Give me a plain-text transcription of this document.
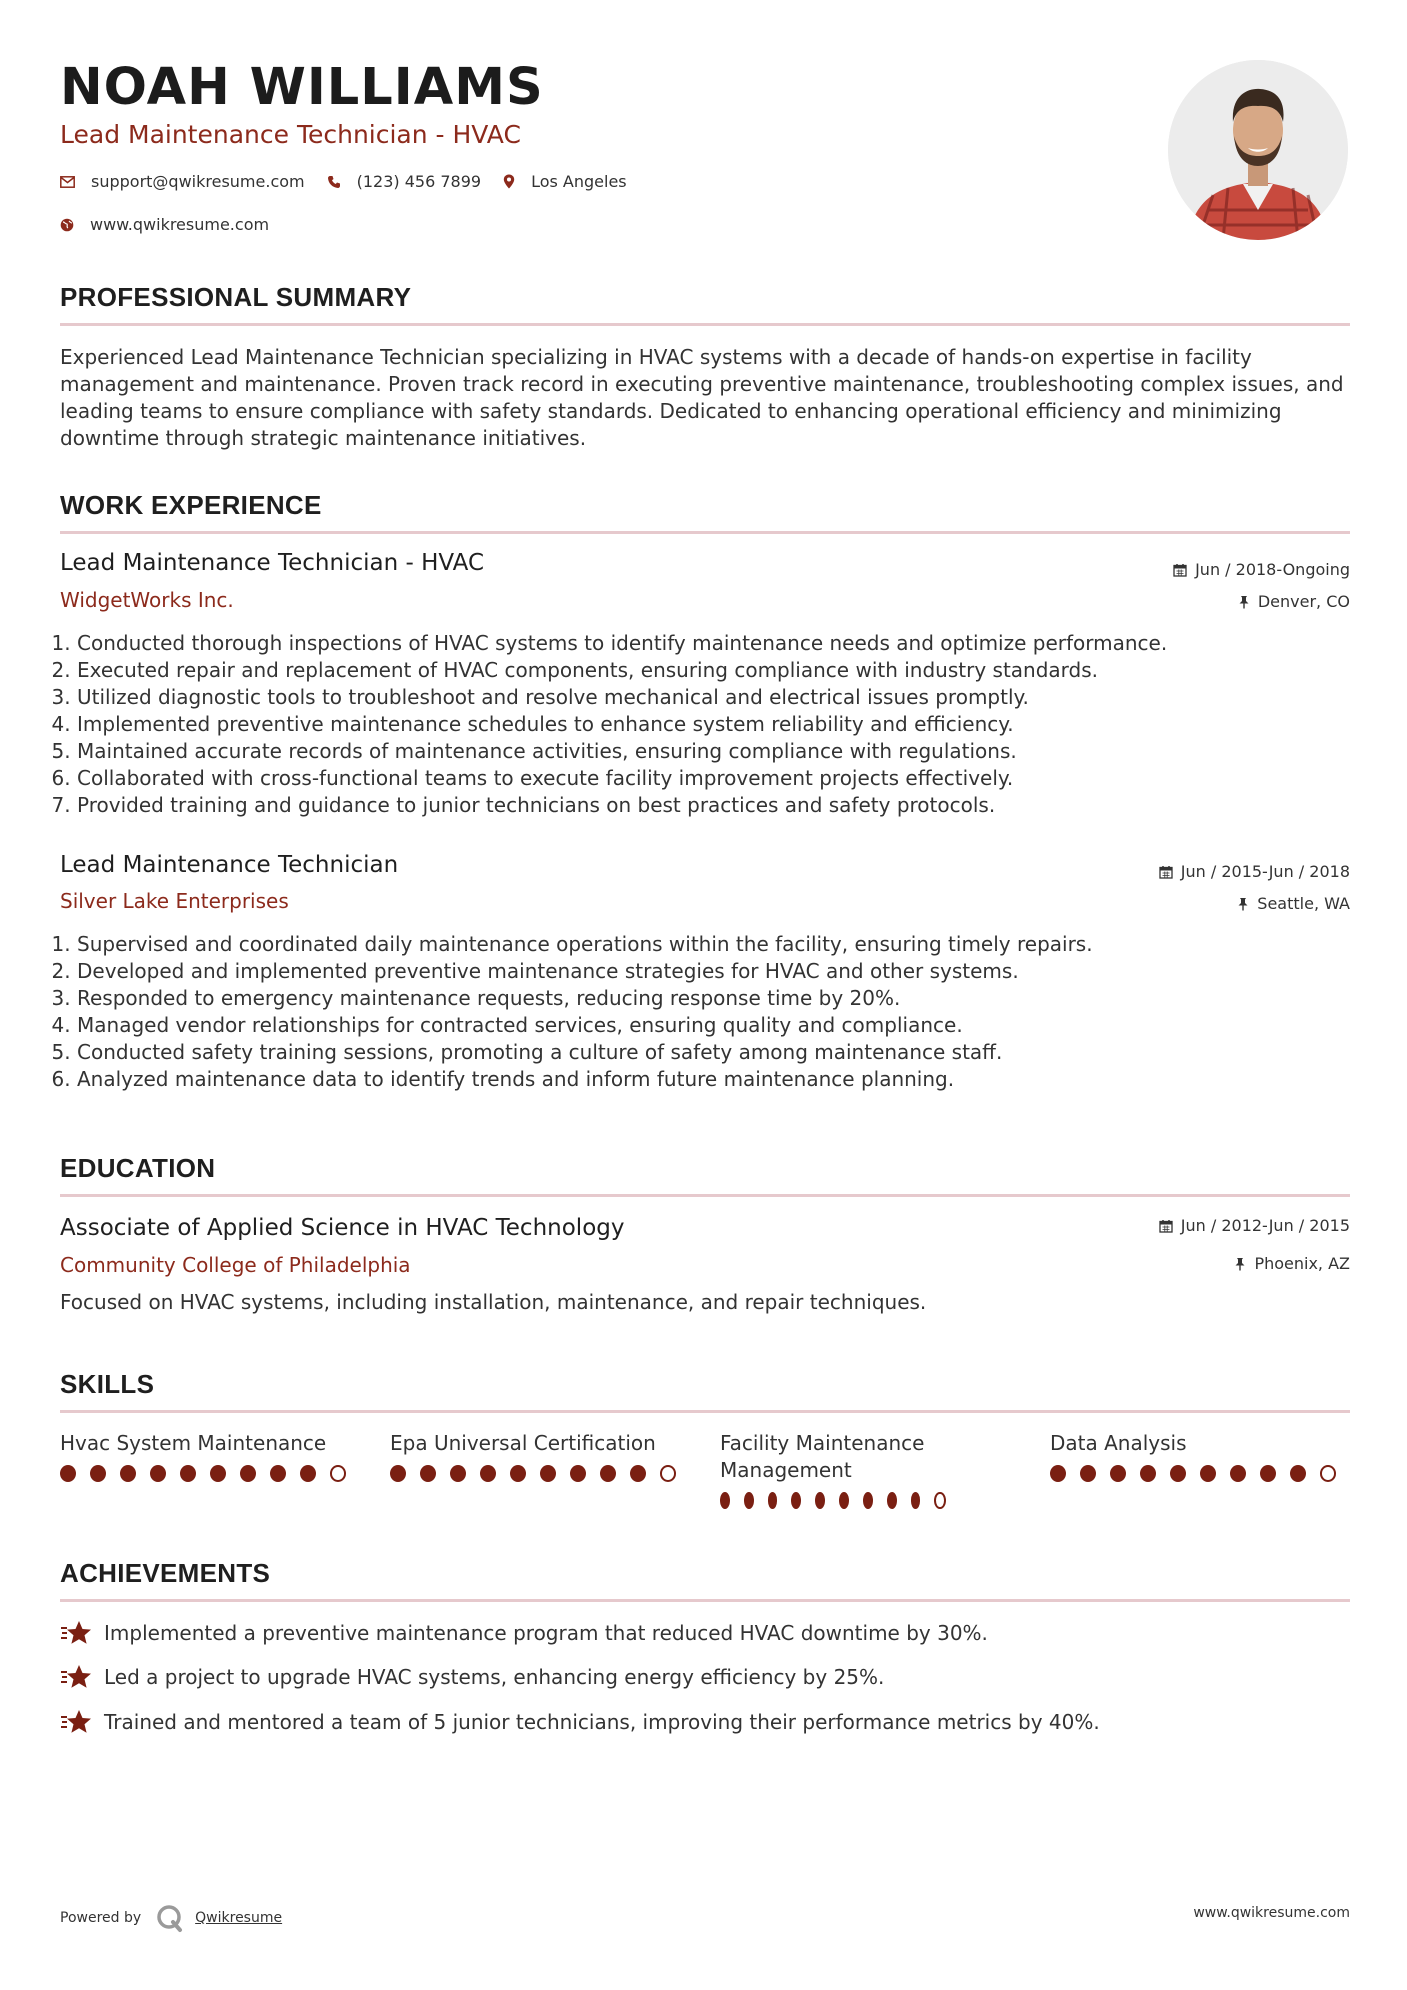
NOAH WILLIAMS
Lead Maintenance Technician - HVAC
support@qwikresume.com	(123) 456 7899	Los Angeles
www.qwikresume.com
PROFESSIONAL SUMMARY
Experienced Lead Maintenance Technician specializing in HVAC systems with a decade of hands-on expertise in facility management and maintenance. Proven track record in executing preventive maintenance, troubleshooting complex issues, and leading teams to ensure compliance with safety standards. Dedicated to enhancing operational efficiency and minimizing downtime through strategic maintenance initiatives.
WORK EXPERIENCE
Lead Maintenance Technician - HVAC
WidgetWorks Inc.
Jun / 2018-Ongoing
Denver, CO
1. Conducted thorough inspections of HVAC systems to identify maintenance needs and optimize performance.
2. Executed repair and replacement of HVAC components, ensuring compliance with industry standards.
3. Utilized diagnostic tools to troubleshoot and resolve mechanical and electrical issues promptly.
4. Implemented preventive maintenance schedules to enhance system reliability and efficiency.
5. Maintained accurate records of maintenance activities, ensuring compliance with regulations.
6. Collaborated with cross-functional teams to execute facility improvement projects effectively.
7. Provided training and guidance to junior technicians on best practices and safety protocols.
Lead Maintenance Technician
Silver Lake Enterprises
Jun / 2015-Jun / 2018
Seattle, WA
1. Supervised and coordinated daily maintenance operations within the facility, ensuring timely repairs.
2. Developed and implemented preventive maintenance strategies for HVAC and other systems.
3. Responded to emergency maintenance requests, reducing response time by 20%.
4. Managed vendor relationships for contracted services, ensuring quality and compliance.
5. Conducted safety training sessions, promoting a culture of safety among maintenance staff.
6. Analyzed maintenance data to identify trends and inform future maintenance planning.
EDUCATION
Associate of Applied Science in HVAC Technology
Community College of Philadelphia
Jun / 2012-Jun / 2015
Phoenix, AZ
Focused on HVAC systems, including installation, maintenance, and repair techniques.
SKILLS
Hvac System Maintenance	Epa Universal Certification	Facility Maintenance Management
Data Analysis
ACHIEVEMENTS
Implemented a preventive maintenance program that reduced HVAC downtime by 30%.
Led a project to upgrade HVAC systems, enhancing energy efficiency by 25%.
Trained and mentored a team of 5 junior technicians, improving their performance metrics by 40%.
Powered by	Qwikresume	www.qwikresume.com
